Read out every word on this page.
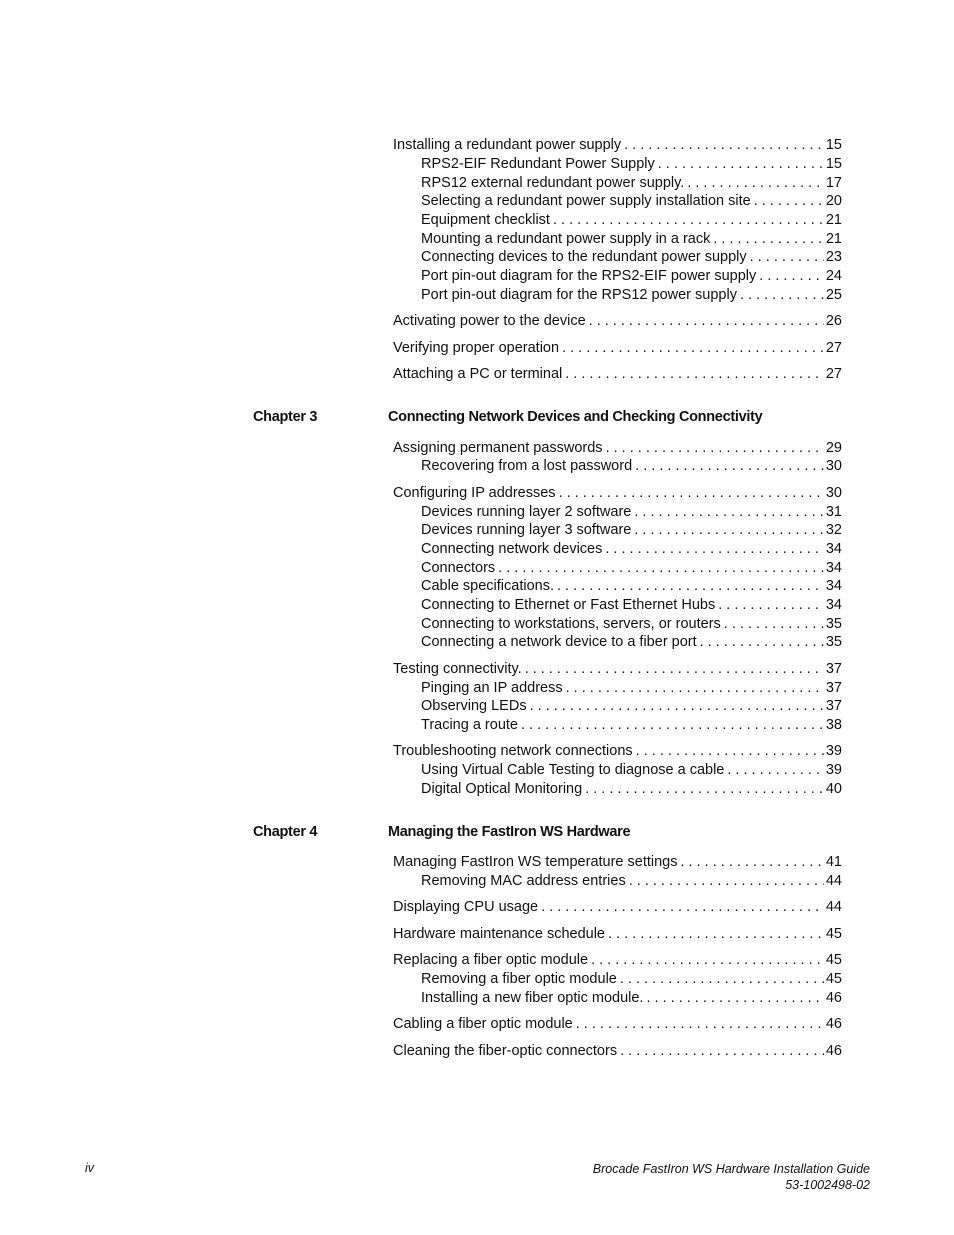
Installing a redundant power supply . . .	15
RPS2-EIF Redundant Power Supply . . .	15
RPS12 external redundant power supply. . . .	17
Selecting a redundant power supply installation site . . .	20
Equipment checklist . . .	21
Mounting a redundant power supply in a rack . . .	21
Connecting devices to the redundant power supply . . .	23
Port pin-out diagram for the RPS2-EIF power supply . . .	24
Port pin-out diagram for the RPS12 power supply . . .	25
Activating power to the device . . .	26
Verifying proper operation . . .	27
Attaching a PC or terminal . . .	27
Chapter 3	Connecting Network Devices and Checking Connectivity
Assigning permanent passwords . . .	29
Recovering from a lost password . . .	30
Configuring IP addresses . . .	30
Devices running layer 2 software . . .	31
Devices running layer 3 software . . .	32
Connecting network devices . . .	34
Connectors . . .	34
Cable specifications. . . .	34
Connecting to Ethernet or Fast Ethernet Hubs . . .	34
Connecting to workstations, servers, or routers . . .	35
Connecting a network device to a fiber port . . .	35
Testing connectivity. . . .	37
Pinging an IP address . . .	37
Observing LEDs . . .	37
Tracing a route . . .	38
Troubleshooting network connections . . .	39
Using Virtual Cable Testing to diagnose a cable . . .	39
Digital Optical Monitoring . . .	40
Chapter 4	Managing the FastIron WS Hardware
Managing FastIron WS temperature settings . . .	41
Removing MAC address entries . . .	44
Displaying CPU usage . . .	44
Hardware maintenance schedule . . .	45
Replacing a fiber optic module . . .	45
Removing a fiber optic module . . .	45
Installing a new fiber optic module. . . .	46
Cabling a fiber optic module . . .	46
Cleaning the fiber-optic connectors . . .	46
iv	Brocade FastIron WS Hardware Installation Guide
53-1002498-02
